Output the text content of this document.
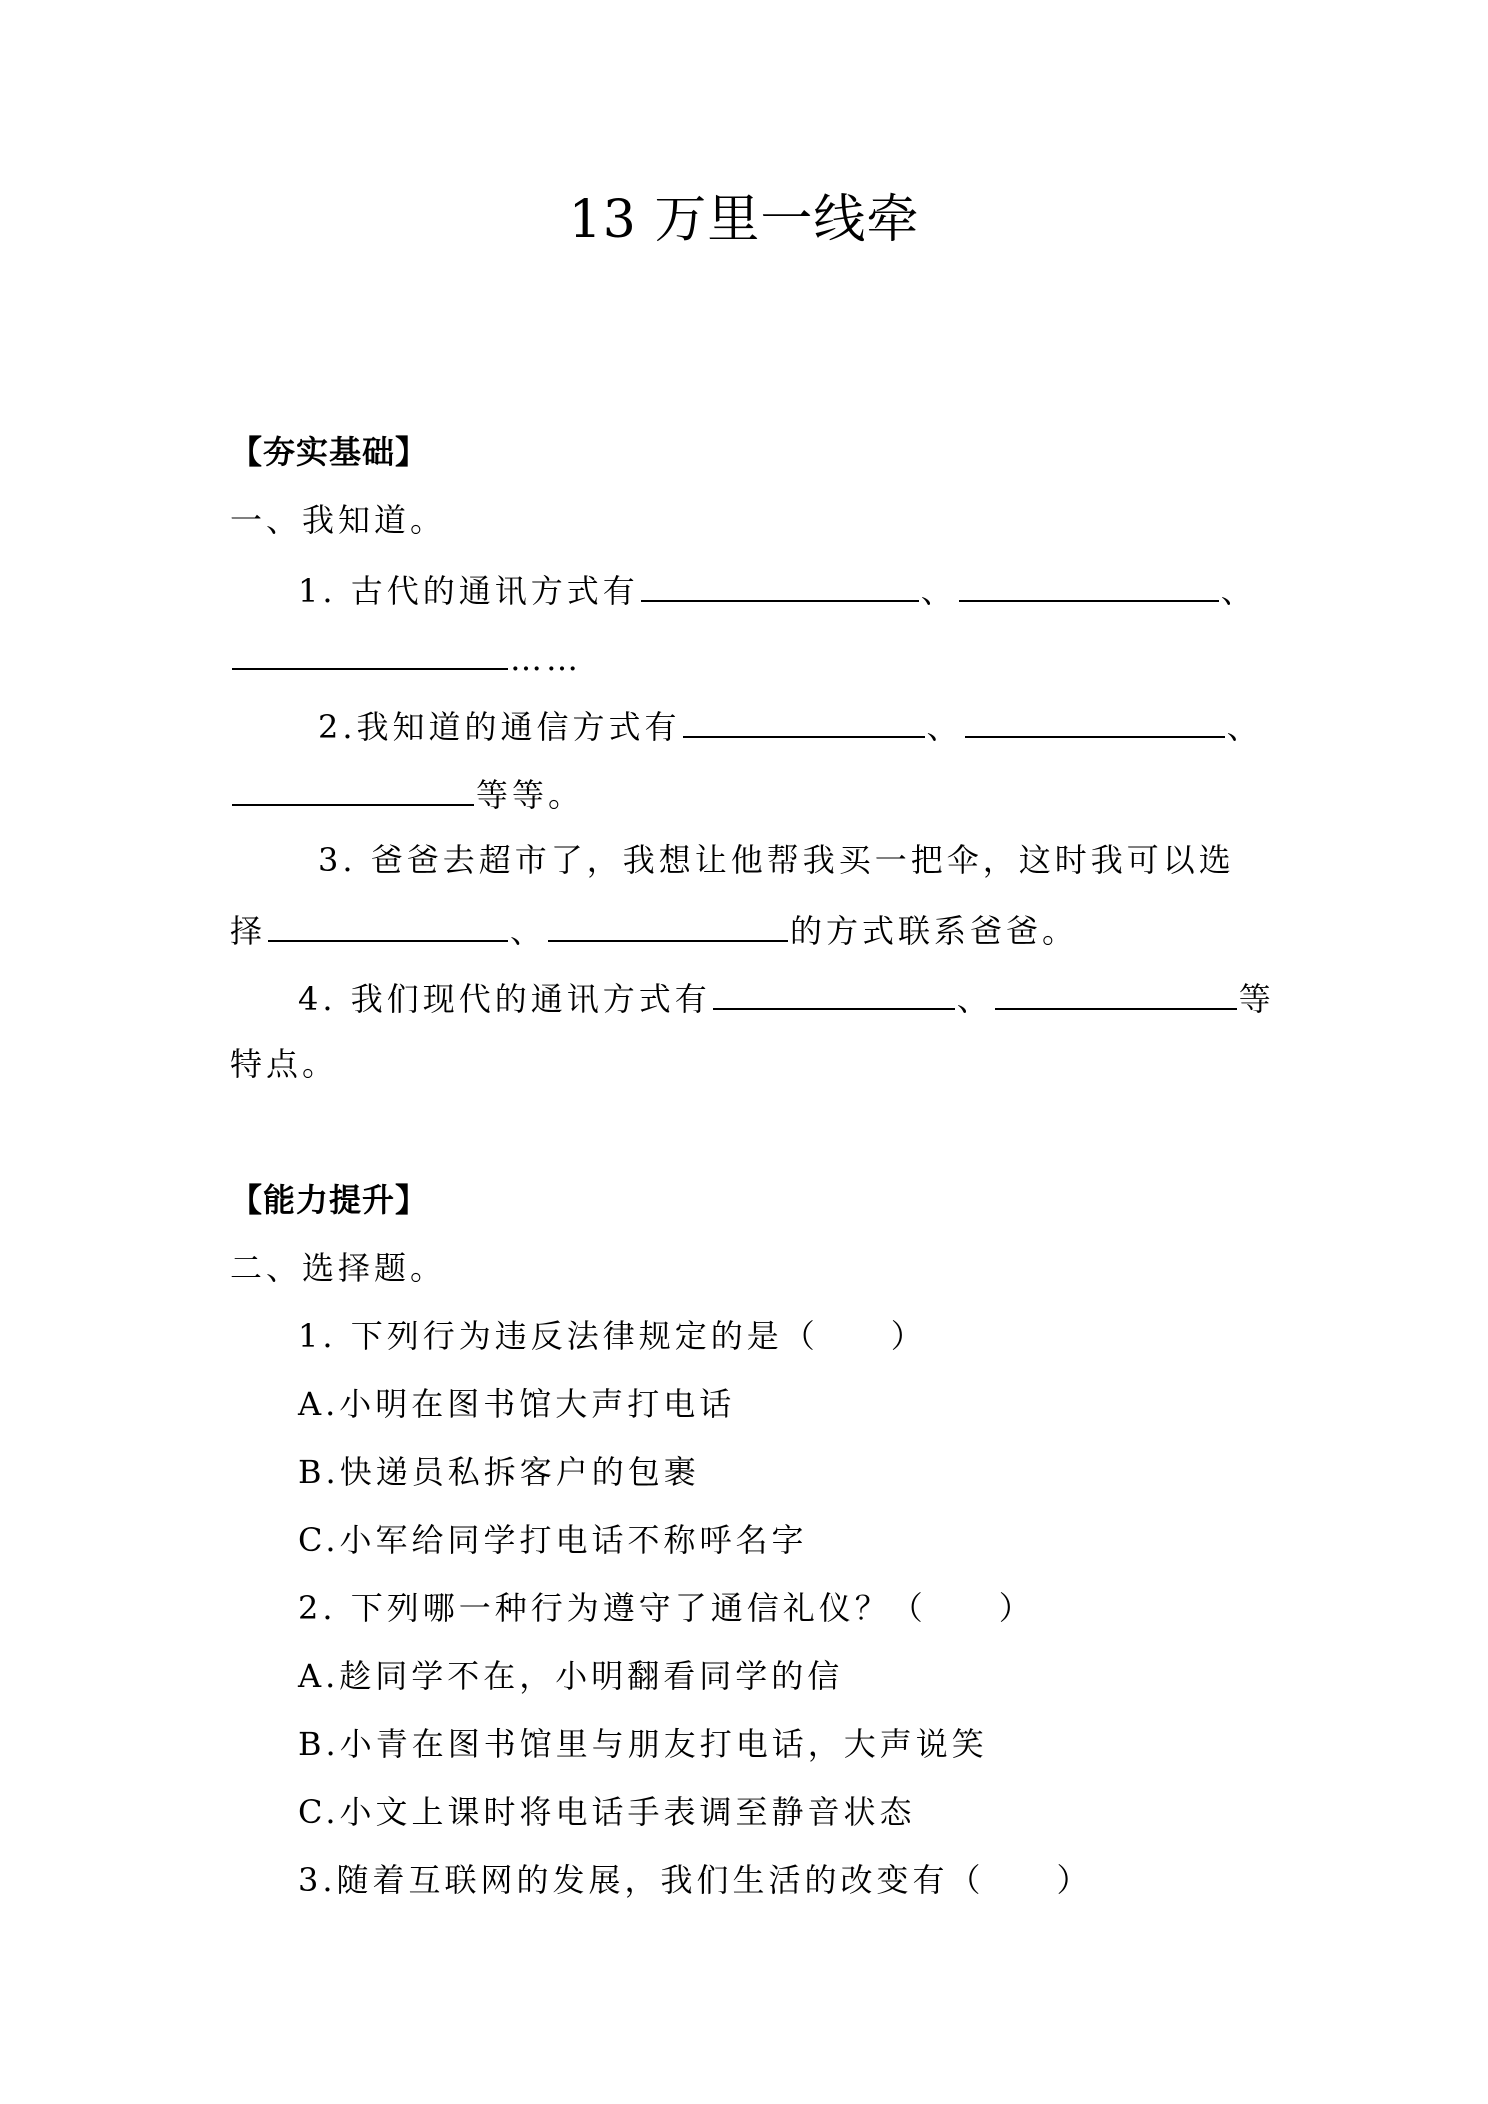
13 万里一线牵
【夯实基础】
一、我知道。
1. 古代的通讯方式有	、	、
……
2.我知道的通信方式有	、	、
等等。
3. 爸爸去超市了，我想让他帮我买一把伞，这时我可以选
择	、	的方式联系爸爸。
4. 我们现代的通讯方式有	、	等
特点。
【能力提升】
二、选择题。
1. 下列行为违反法律规定的是（　　）
A.小明在图书馆大声打电话
B.快递员私拆客户的包裹
C.小军给同学打电话不称呼名字
2. 下列哪一种行为遵守了通信礼仪？（　　）
A.趁同学不在，小明翻看同学的信
B.小青在图书馆里与朋友打电话，大声说笑
C.小文上课时将电话手表调至静音状态
3.随着互联网的发展，我们生活的改变有（　　）
